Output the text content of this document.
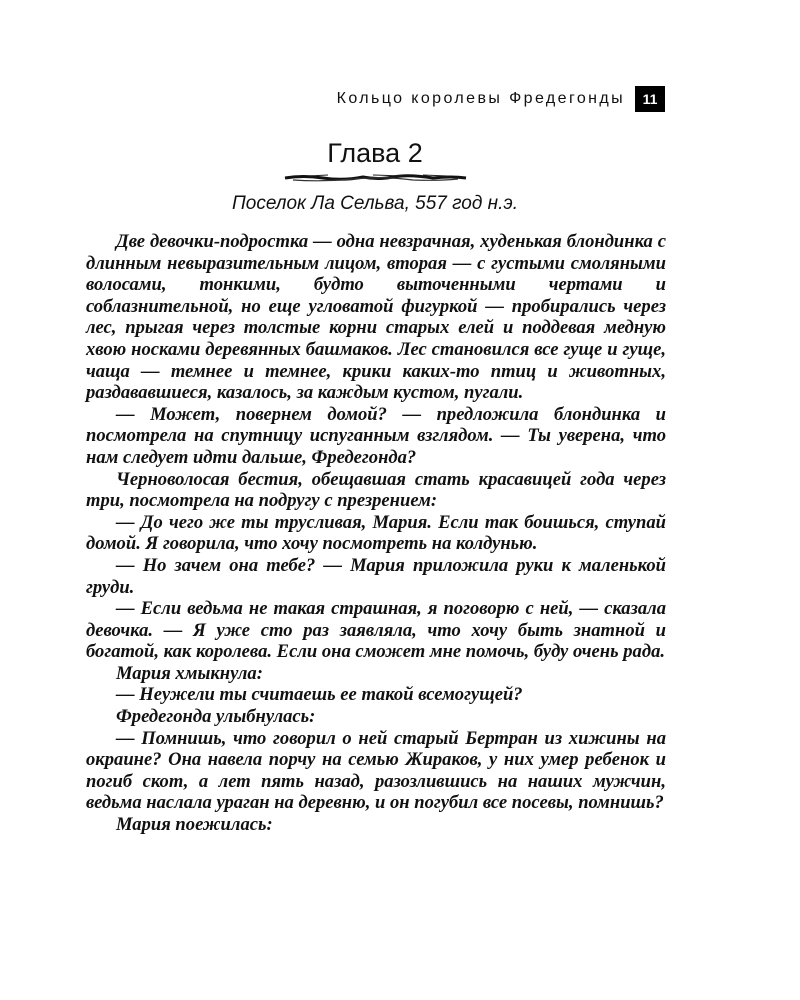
Кольцо королевы Фредегонды	11
Глава 2
Поселок Ла Сельва, 557 год н.э.

Две девочки-подростка — одна невзрачная, худенькая блондинка с длинным невыразительным лицом, вторая — с густыми смоляными волосами, тонкими, будто выточенными чертами и соблазнительной, но еще угловатой фигуркой — пробирались через лес, прыгая через толстые корни старых елей и поддевая медную хвою носками деревянных башмаков. Лес становился все гуще и гуще, чаща — темнее и темнее, крики каких-то птиц и животных, раздававшиеся, казалось, за каждым кустом, пугали.

— Может, повернем домой? — предложила блондинка и посмотрела на спутницу испуганным взглядом. — Ты уверена, что нам следует идти дальше, Фредегонда?

Черноволосая бестия, обещавшая стать красавицей года через три, посмотрела на подругу с презрением:

— До чего же ты трусливая, Мария. Если так боишься, ступай домой. Я говорила, что хочу посмотреть на колдунью.

— Но зачем она тебе? — Мария приложила руки к маленькой груди.

— Если ведьма не такая страшная, я поговорю с ней, — сказала девочка. — Я уже сто раз заявляла, что хочу быть знатной и богатой, как королева. Если она сможет мне помочь, буду очень рада.

Мария хмыкнула:

— Неужели ты считаешь ее такой всемогущей?

Фредегонда улыбнулась:

— Помнишь, что говорил о ней старый Бертран из хижины на окраине? Она навела порчу на семью Жираков, у них умер ребенок и погиб скот, а лет пять назад, разозлившись на наших мужчин, ведьма наслала ураган на деревню, и он погубил все посевы, помнишь?

Мария поежилась:
